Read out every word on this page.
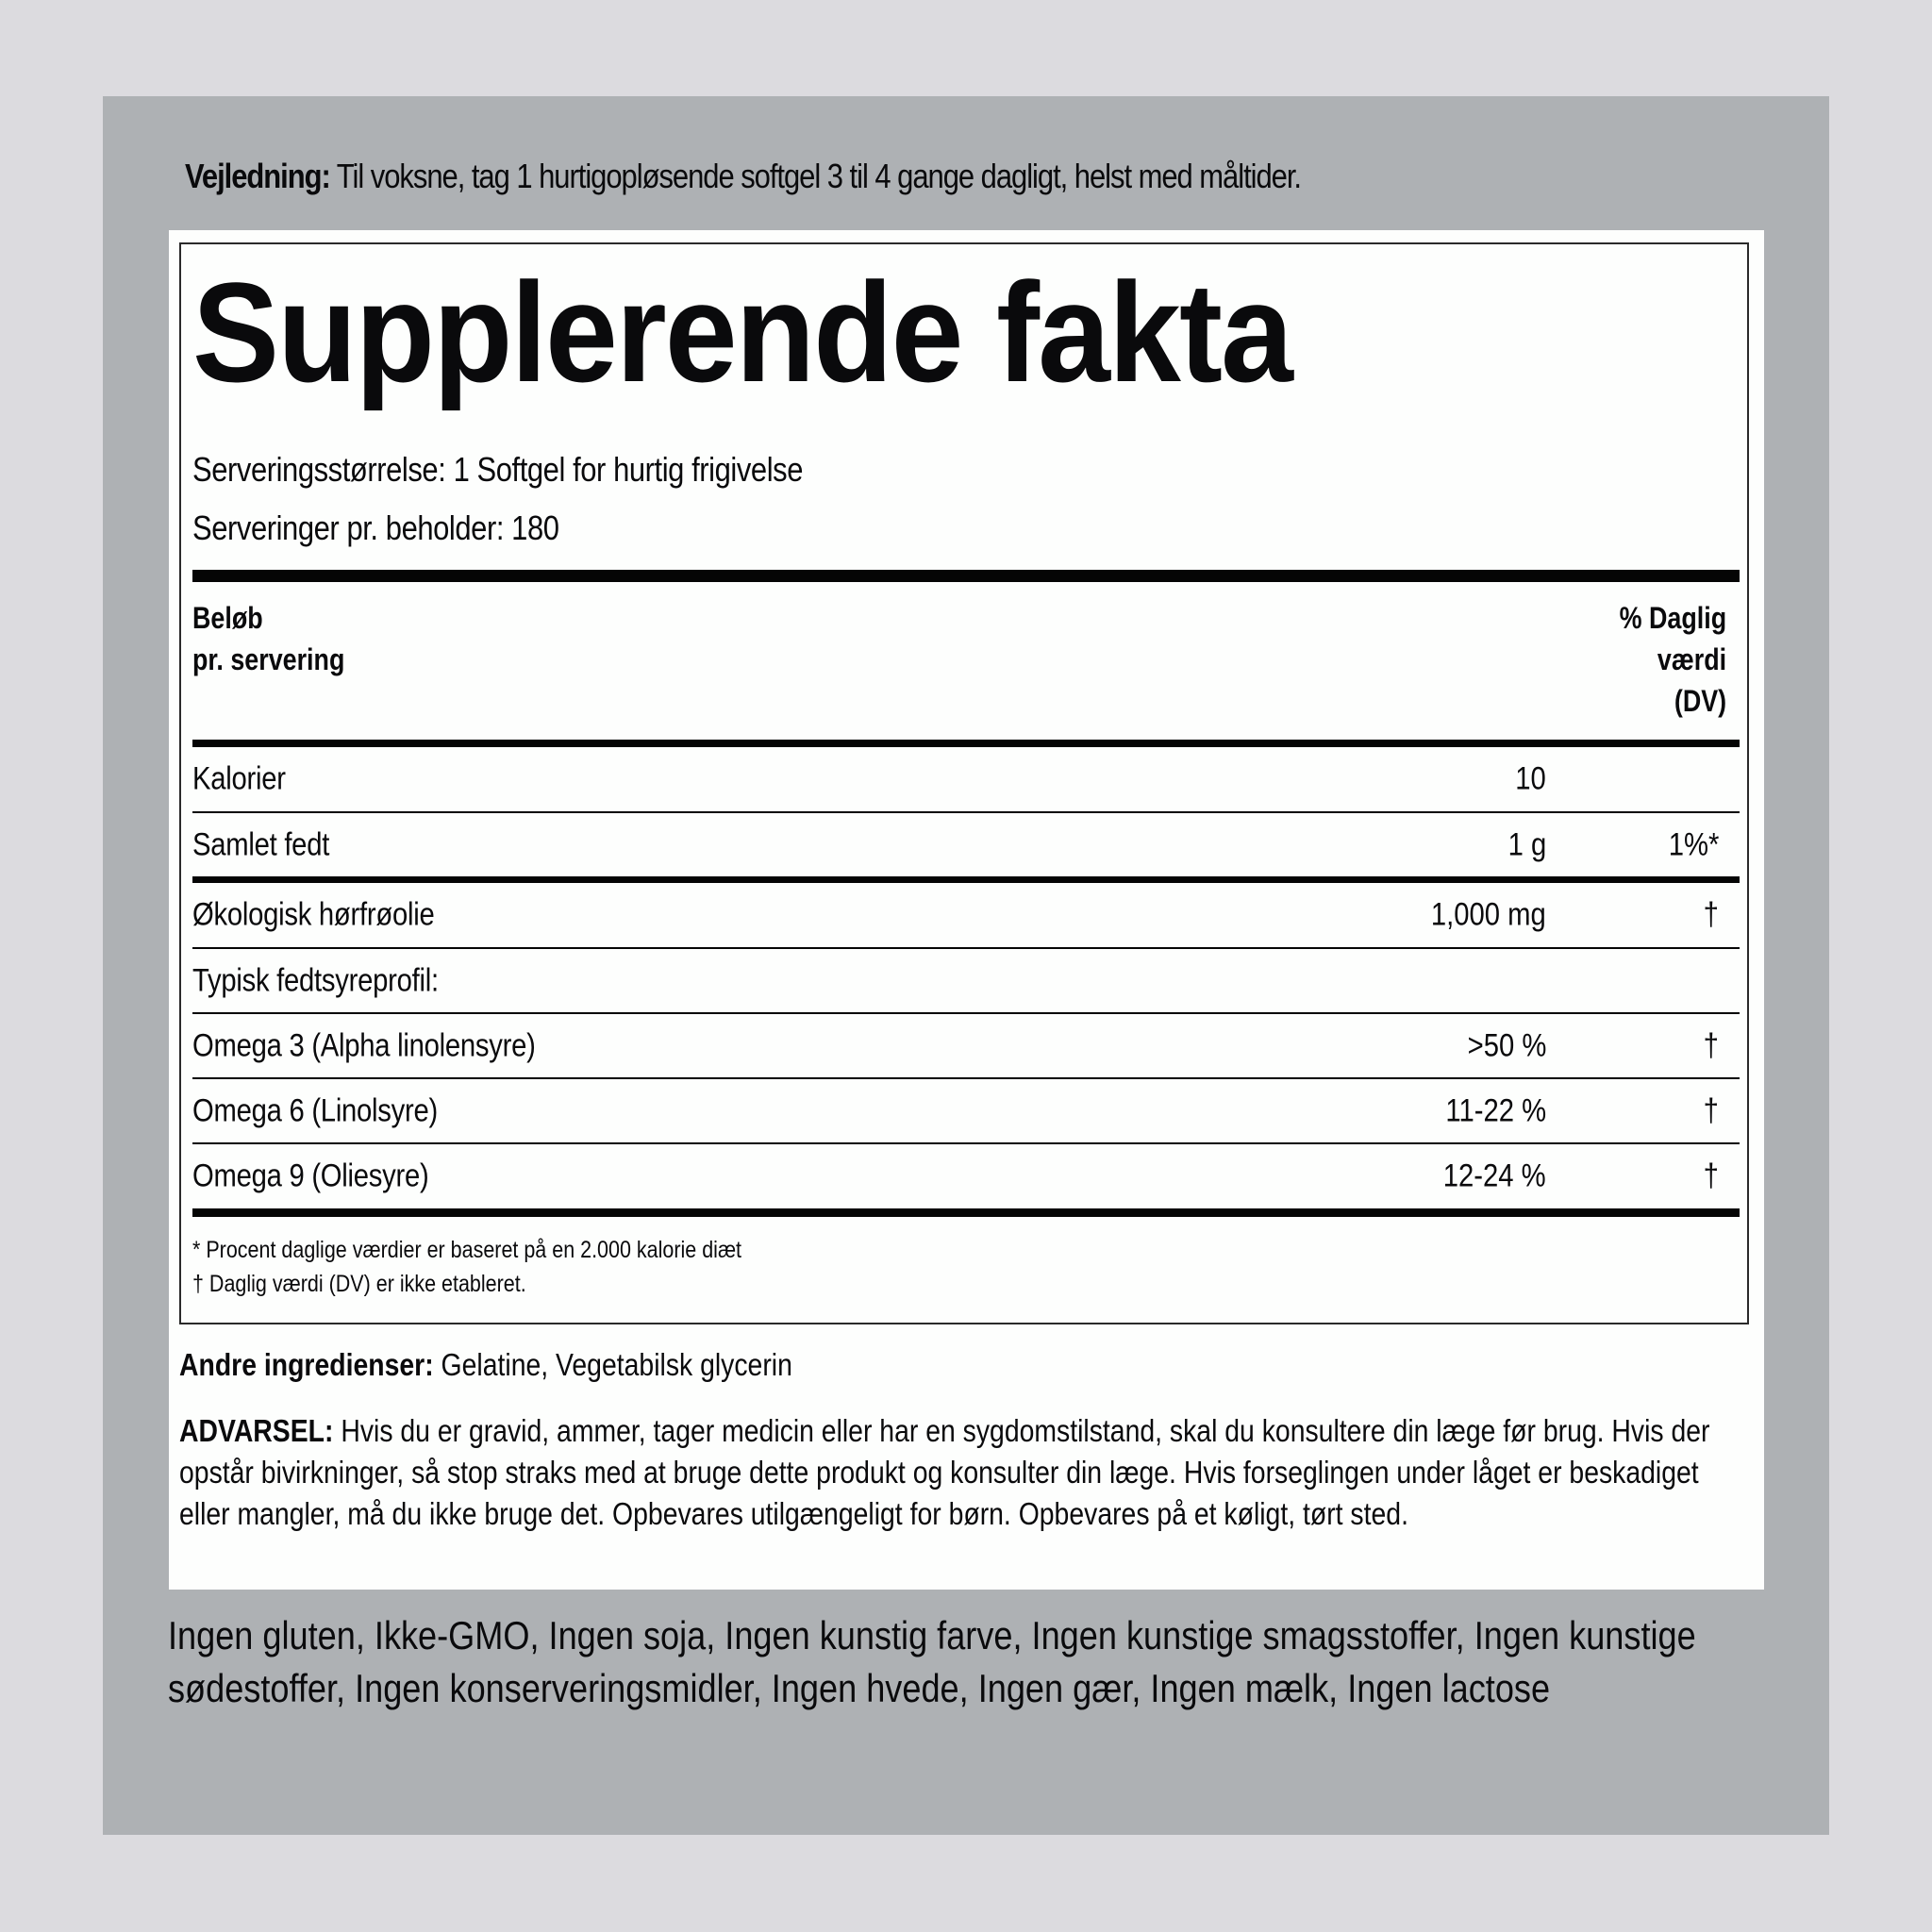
Vejledning: Til voksne, tag 1 hurtigopløsende softgel 3 til 4 gange dagligt, helst med måltider.
Supplerende fakta
Serveringsstørrelse: 1 Softgel for hurtig frigivelse
Serveringer pr. beholder: 180
Beløb
pr. servering
% Daglig
værdi
(DV)
Kalorier	10
Samlet fedt	1 g	1%*
Økologisk hørfrøolie	1,000 mg	†
Typisk fedtsyreprofil:
Omega 3 (Alpha linolensyre)	>50 %	†
Omega 6 (Linolsyre)	11-22 %	†
Omega 9 (Oliesyre)	12-24 %	†
* Procent daglige værdier er baseret på en 2.000 kalorie diæt
† Daglig værdi (DV) er ikke etableret.
Andre ingredienser: Gelatine, Vegetabilsk glycerin
ADVARSEL: Hvis du er gravid, ammer, tager medicin eller har en sygdomstilstand, skal du konsultere din læge før brug. Hvis der opstår bivirkninger, så stop straks med at bruge dette produkt og konsulter din læge. Hvis forseglingen under låget er beskadiget eller mangler, må du ikke bruge det. Opbevares utilgængeligt for børn. Opbevares på et køligt, tørt sted.
Ingen gluten, Ikke-GMO, Ingen soja, Ingen kunstig farve, Ingen kunstige smagsstoffer, Ingen kunstige sødestoffer, Ingen konserveringsmidler, Ingen hvede, Ingen gær, Ingen mælk, Ingen lactose
